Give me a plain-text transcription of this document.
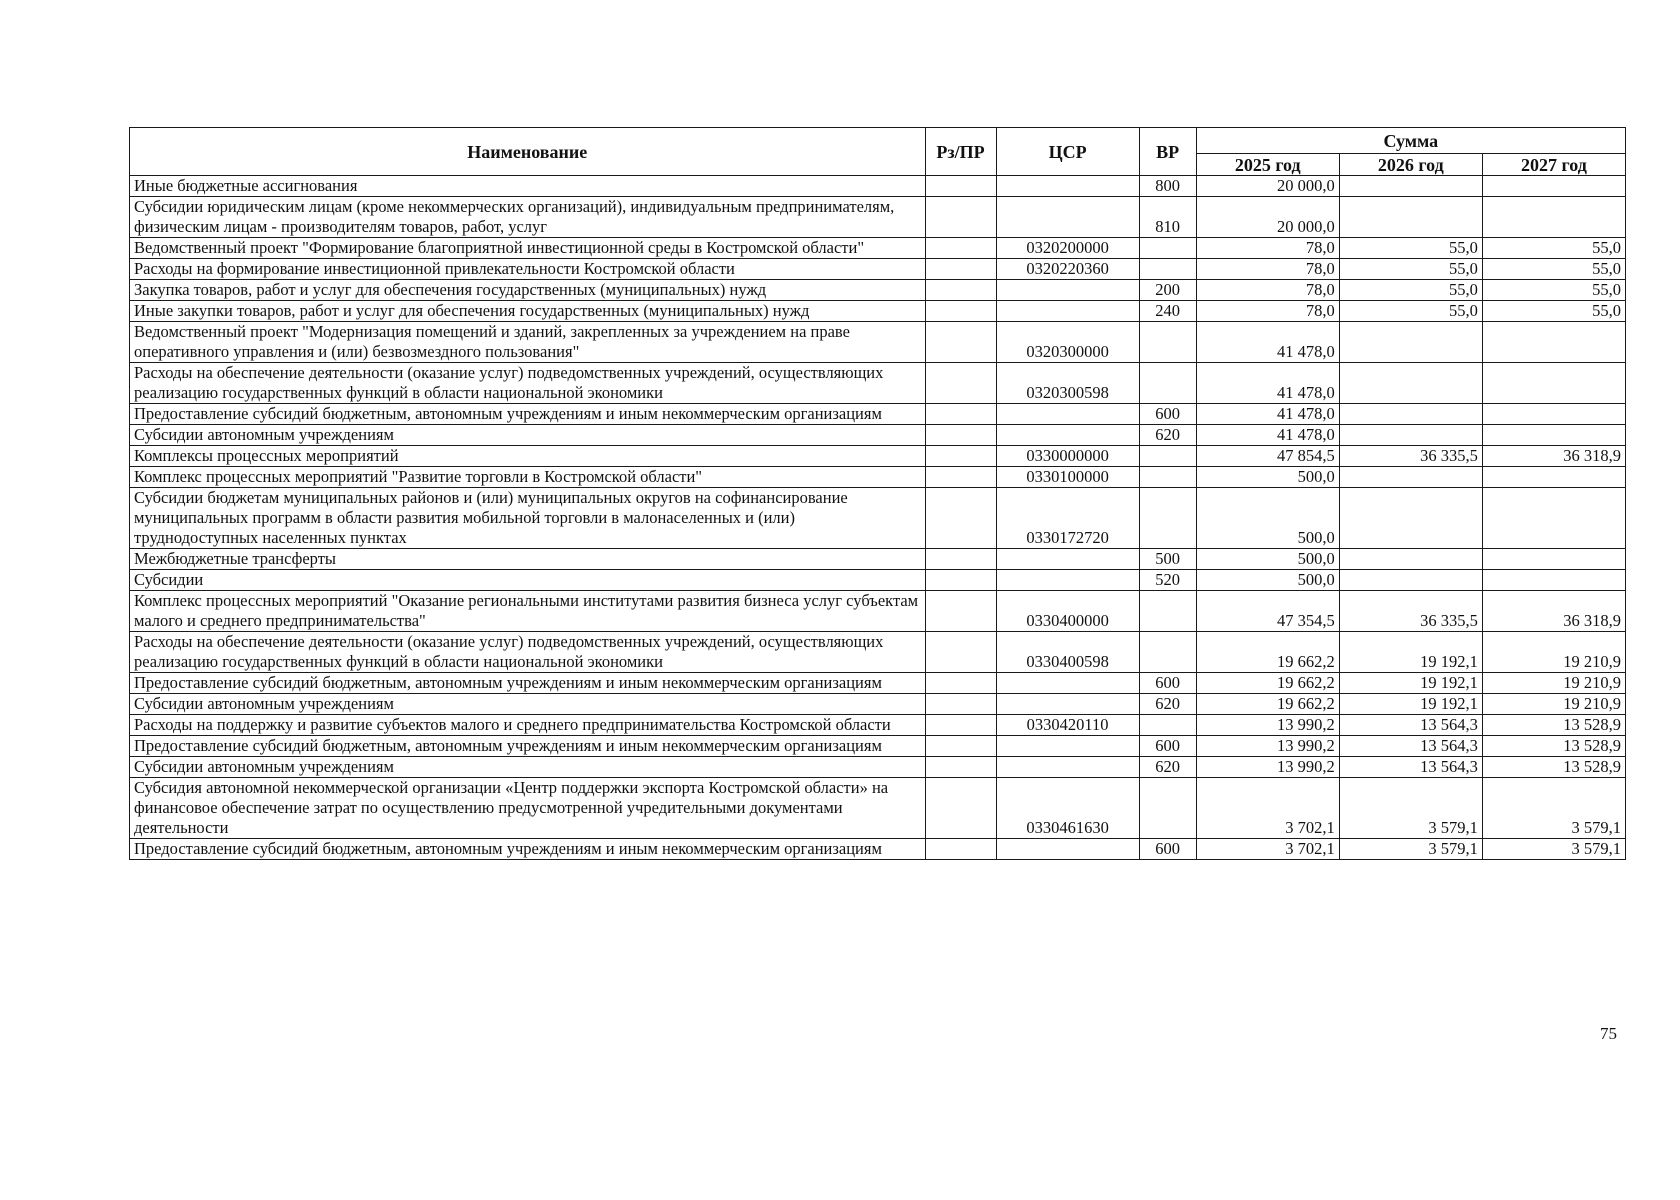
Наименование	Рз/ПР	ЦСР	ВР	Сумма		
				2025 год	2026 год	2027 год
Иные бюджетные ассигнования			800	20 000,0		
Субсидии юридическим лицам (кроме некоммерческих организаций), индивидуальным предпринимателям, физическим лицам - производителям товаров, работ, услуг			810	20 000,0		
Ведомственный проект "Формирование благоприятной инвестиционной среды в Костромской области"		0320200000		78,0	55,0	55,0
Расходы на формирование инвестиционной привлекательности Костромской области		0320220360		78,0	55,0	55,0
Закупка товаров, работ и услуг для обеспечения государственных (муниципальных) нужд			200	78,0	55,0	55,0
Иные закупки товаров, работ и услуг для обеспечения государственных (муниципальных) нужд			240	78,0	55,0	55,0
Ведомственный проект "Модернизация помещений и зданий, закрепленных за учреждением на праве оперативного управления и (или) безвозмездного пользования"		0320300000		41 478,0		
Расходы на обеспечение деятельности (оказание услуг) подведомственных учреждений, осуществляющих реализацию государственных функций в области национальной экономики		0320300598		41 478,0		
Предоставление субсидий бюджетным, автономным учреждениям и иным некоммерческим организациям			600	41 478,0		
Субсидии автономным учреждениям			620	41 478,0		
Комплексы процессных мероприятий		0330000000		47 854,5	36 335,5	36 318,9
Комплекс процессных мероприятий "Развитие торговли в Костромской области"		0330100000		500,0		
Субсидии бюджетам муниципальных районов и (или) муниципальных округов на софинансирование муниципальных программ в области развития мобильной торговли в малонаселенных и (или) труднодоступных населенных пунктах		0330172720		500,0		
Межбюджетные трансферты			500	500,0		
Субсидии			520	500,0		
Комплекс процессных мероприятий "Оказание региональными институтами развития бизнеса услуг субъектам малого и среднего предпринимательства"		0330400000		47 354,5	36 335,5	36 318,9
Расходы на обеспечение деятельности (оказание услуг) подведомственных учреждений, осуществляющих реализацию государственных функций в области национальной экономики		0330400598		19 662,2	19 192,1	19 210,9
Предоставление субсидий бюджетным, автономным учреждениям и иным некоммерческим организациям			600	19 662,2	19 192,1	19 210,9
Субсидии автономным учреждениям			620	19 662,2	19 192,1	19 210,9
Расходы на поддержку и развитие субъектов малого и среднего предпринимательства Костромской области		0330420110		13 990,2	13 564,3	13 528,9
Предоставление субсидий бюджетным, автономным учреждениям и иным некоммерческим организациям			600	13 990,2	13 564,3	13 528,9
Субсидии автономным учреждениям			620	13 990,2	13 564,3	13 528,9
Субсидия автономной некоммерческой организации «Центр поддержки экспорта Костромской области» на финансовое обеспечение затрат по осуществлению предусмотренной учредительными документами деятельности		0330461630		3 702,1	3 579,1	3 579,1
Предоставление субсидий бюджетным, автономным учреждениям и иным некоммерческим организациям			600	3 702,1	3 579,1	3 579,1
75
